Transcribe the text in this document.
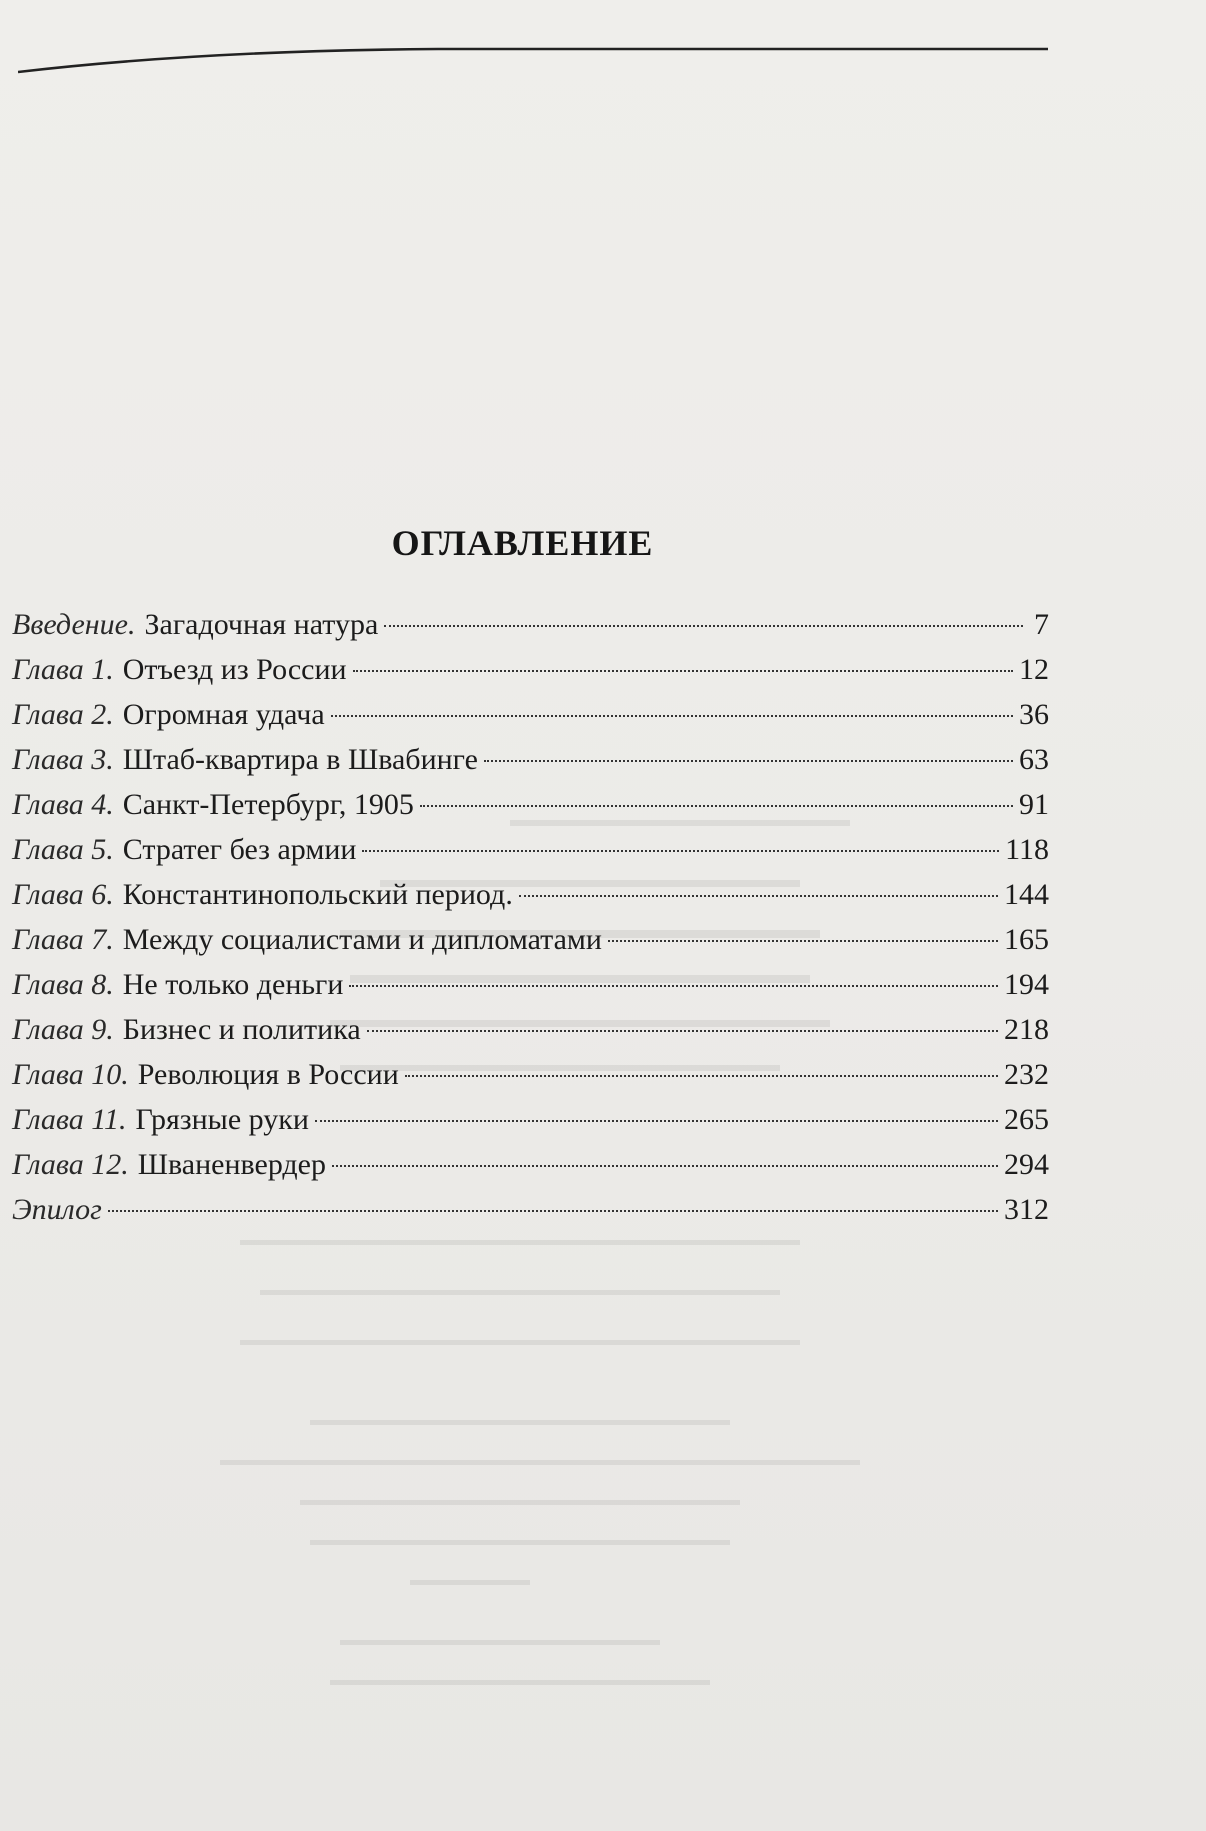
ОГЛАВЛЕНИЕ
Введение. Загадочная натура	7
Глава 1. Отъезд из России	12
Глава 2. Огромная удача	36
Глава 3. Штаб-квартира в Швабинге	63
Глава 4. Санкт-Петербург, 1905	91
Глава 5. Стратег без армии	118
Глава 6. Константинопольский период.	144
Глава 7. Между социалистами и дипломатами	165
Глава 8. Не только деньги	194
Глава 9. Бизнес и политика	218
Глава 10. Революция в России	232
Глава 11. Грязные руки	265
Глава 12. Шваненвердер	294
Эпилог	312
